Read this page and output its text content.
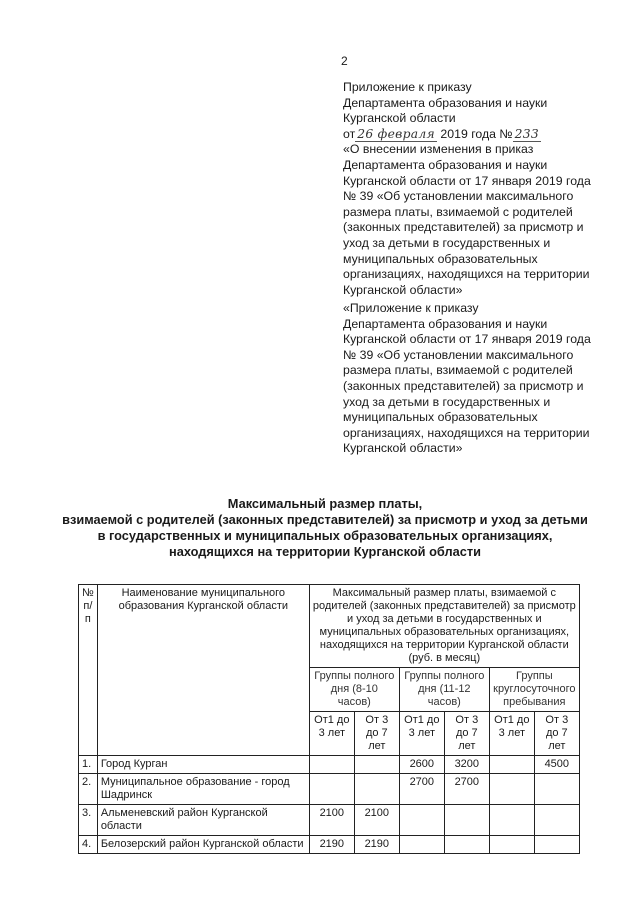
2
Приложение к приказу
Департамента образования и науки
Курганской области
от 26 февраля 2019 года № 233
«О внесении изменения в приказ
Департамента образования и науки
Курганской области от 17 января 2019 года
№ 39 «Об установлении максимального
размера платы, взимаемой с родителей
(законных представителей) за присмотр и
уход за детьми в государственных и
муниципальных образовательных
организациях, находящихся на территории
Курганской области»
«Приложение к приказу
Департамента образования и науки
Курганской области от 17 января 2019 года
№ 39 «Об установлении максимального
размера платы, взимаемой с родителей
(законных представителей) за присмотр и
уход за детьми в государственных и
муниципальных образовательных
организациях, находящихся на территории
Курганской области»
Максимальный размер платы,
взимаемой с родителей (законных представителей) за присмотр и уход за детьми
в государственных и муниципальных образовательных организациях,
находящихся на территории Курганской области
№ п/п	Наименование муниципального образования Курганской области	Максимальный размер платы, взимаемой с родителей (законных представителей) за присмотр и уход за детьми в государственных и муниципальных образовательных организациях, находящихся на территории Курганской области (руб. в месяц)					
		Группы полного дня (8-10 часов)		Группы полного дня (11-12 часов)		Группы круглосуточного пребывания	
		От1 до 3 лет	От 3 до 7 лет	От1 до 3 лет	От 3 до 7 лет	От1 до 3 лет	От 3 до 7 лет
1.	Город Курган			2600	3200		4500
2.	Муниципальное образование - город Шадринск			2700	2700		
3.	Альменевский район Курганской области	2100	2100				
4.	Белозерский район Курганской области	2190	2190				
